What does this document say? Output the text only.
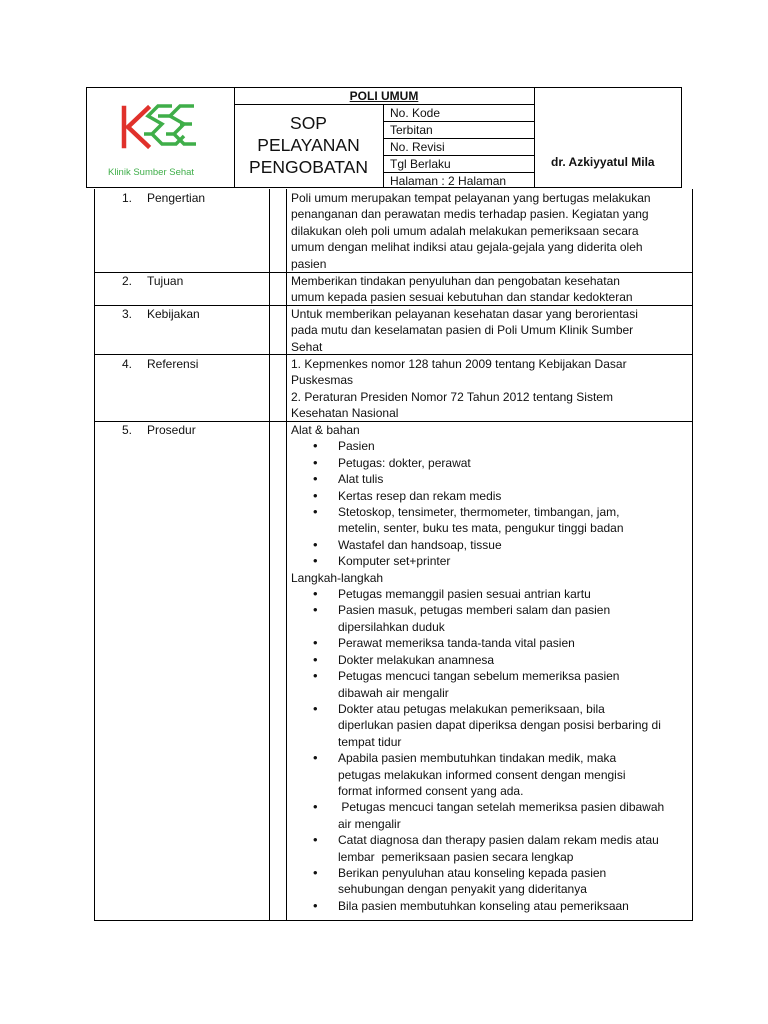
Klinik Sumber Sehat
POLI UMUM
SOP
PELAYANAN
PENGOBATAN
No. Kode
Terbitan
No. Revisi
Tgl Berlaku
Halaman : 2 Halaman
dr. Azkiyyatul Mila
1. Pengertian	Poli umum merupakan tempat pelayanan yang bertugas melakukan

penanganan dan perawatan medis terhadap pasien. Kegiatan yang

dilakukan oleh poli umum adalah melakukan pemeriksaan secara

umum dengan melihat indiksi atau gejala-gejala yang diderita oleh

pasien

2. Tujuan	Memberikan tindakan penyuluhan dan pengobatan kesehatan

umum kepada pasien sesuai kebutuhan dan standar kedokteran

3. Kebijakan	Untuk memberikan pelayanan kesehatan dasar yang berorientasi

pada mutu dan keselamatan pasien di Poli Umum Klinik Sumber

Sehat

4. Referensi	1. Kepmenkes nomor 128 tahun 2009 tentang Kebijakan Dasar

Puskesmas

2. Peraturan Presiden Nomor 72 Tahun 2012 tentang Sistem

Kesehatan Nasional

5. Prosedur	Alat & bahan

• Pasien
• Petugas: dokter, perawat
• Alat tulis
• Kertas resep dan rekam medis
• Stetoskop, tensimeter, thermometer, timbangan, jam,
metelin, senter, buku tes mata, pengukur tinggi badan
• Wastafel dan handsoap, tissue
• Komputer set+printer

Langkah-langkah

• Petugas memanggil pasien sesuai antrian kartu
• Pasien masuk, petugas memberi salam dan pasien
dipersilahkan duduk
• Perawat memeriksa tanda-tanda vital pasien
• Dokter melakukan anamnesa
• Petugas mencuci tangan sebelum memeriksa pasien
dibawah air mengalir
• Dokter atau petugas melakukan pemeriksaan, bila
diperlukan pasien dapat diperiksa dengan posisi berbaring di
tempat tidur
• Apabila pasien membutuhkan tindakan medik, maka
petugas melakukan informed consent dengan mengisi
format informed consent yang ada.
•  Petugas mencuci tangan setelah memeriksa pasien dibawah
air mengalir
• Catat diagnosa dan therapy pasien dalam rekam medis atau
lembar  pemeriksaan pasien secara lengkap
• Berikan penyuluhan atau konseling kepada pasien
sehubungan dengan penyakit yang dideritanya
• Bila pasien membutuhkan konseling atau pemeriksaan
